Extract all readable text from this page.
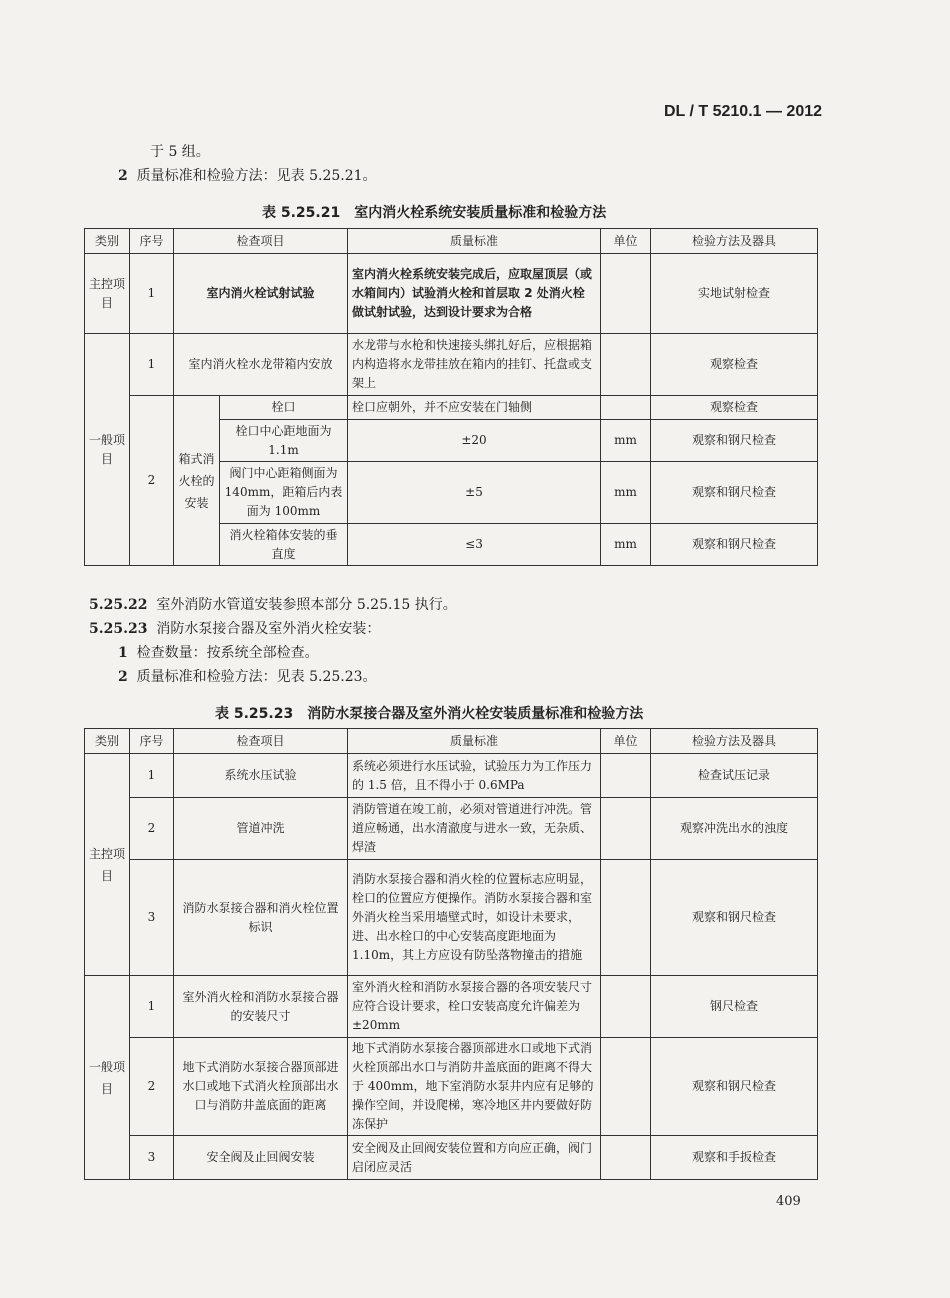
DL / T 5210.1 — 2012
于 5 组。
2 质量标准和检验方法：见表 5.25.21。
表 5.25.21　室内消火栓系统安装质量标准和检验方法
类别	序号	检查项目		质量标准	单位	检验方法及器具
主控项目	1	室内消火栓试射试验		室内消火栓系统安装完成后，应取屋顶层（或水箱间内）试验消火栓和首层取 2 处消火栓做试射试验，达到设计要求为合格		实地试射检查
一般项目	1	室内消火栓水龙带箱内安放		水龙带与水枪和快速接头绑扎好后，应根据箱内构造将水龙带挂放在箱内的挂钉、托盘或支架上		观察检查
	2	箱式消火栓的安装	栓口	栓口应朝外，并不应安装在门轴侧		观察检查
			栓口中心距地面为1.1m	±20	mm	观察和钢尺检查
			阀门中心距箱侧面为 140mm，距箱后内表面为 100mm	±5	mm	观察和钢尺检查
			消火栓箱体安装的垂直度	≤3	mm	观察和钢尺检查
5.25.22 室外消防水管道安装参照本部分 5.25.15 执行。
5.25.23 消防水泵接合器及室外消火栓安装：
1 检查数量：按系统全部检查。
2 质量标准和检验方法：见表 5.25.23。
表 5.25.23　消防水泵接合器及室外消火栓安装质量标准和检验方法
类别	序号	检查项目	质量标准	单位	检验方法及器具
主控项目	1	系统水压试验	系统必须进行水压试验，试验压力为工作压力的 1.5 倍，且不得小于 0.6MPa		检查试压记录
	2	管道冲洗	消防管道在竣工前，必须对管道进行冲洗。管道应畅通，出水清澈度与进水一致，无杂质、焊渣		观察冲洗出水的浊度
	3	消防水泵接合器和消火栓位置标识	消防水泵接合器和消火栓的位置标志应明显，栓口的位置应方便操作。消防水泵接合器和室外消火栓当采用墙壁式时，如设计未要求，进、出水栓口的中心安装高度距地面为 1.10m，其上方应设有防坠落物撞击的措施		观察和钢尺检查
一般项目	1	室外消火栓和消防水泵接合器的安装尺寸	室外消火栓和消防水泵接合器的各项安装尺寸应符合设计要求，栓口安装高度允许偏差为±20mm		钢尺检查
	2	地下式消防水泵接合器顶部进水口或地下式消火栓顶部出水口与消防井盖底面的距离	地下式消防水泵接合器顶部进水口或地下式消火栓顶部出水口与消防井盖底面的距离不得大于 400mm，地下室消防水泵井内应有足够的操作空间，并设爬梯，寒冷地区井内要做好防冻保护		观察和钢尺检查
	3	安全阀及止回阀安装	安全阀及止回阀安装位置和方向应正确，阀门启闭应灵活		观察和手扳检查
409
